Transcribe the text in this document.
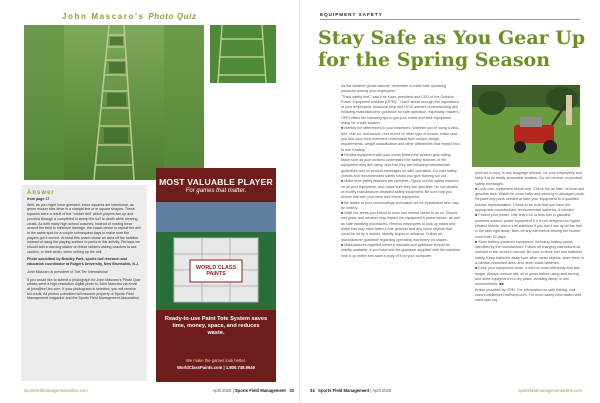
John Mascaro's Photo Quiz
Answer
from page 17
Well, as you might have guessed, these squares are intentional, as green mower tiles drive in a straight line or in square shapes. These squares were a result of the "rubber drill" which players line up and proceed through a completed to stomp the turf to death while wearing cleats. As with many high school coaches, instead of moving wear around the field to minimize damage, the coach chose to repeat the drill in the same spot for a couple subsequent days to make sure the players got it correct. At least this coach chose an area off the sideline instead of using the playing surface to perform this activity. Perhaps we should add a warning sticker on these ladders asking coaches to use caution, or their wrath, when setting up the drill.
Photo submitted by Bradley Park, sports turf research and education coordinator at Rutgers University, New Brunswick, N.J.
John Mascaro is president of Turf-Tec International
If you would like to submit a photograph for John Mascaro's Photo Quiz please send a high-resolution digital photo to John Mascaro via email at john@turf-tec.com. If your photograph is selected, you will receive full credit. All photos submitted will become property of Sports Field Management magazine and the Sports Field Management Association.
MOST VALUABLE PLAYER
For games that matter.
WORLD CLASS PAINTS
Ready-to-use Paint Tote System saves time, money, space, and reduces waste.
We make the games look better.
WorldClassPaints.com | 1.800.748.9649
sportsfieldmanagementonline.com	April 2025 | Sports Field Management 33
EQUIPMENT SAFETY
Stay Safe as You Gear Up for the Spring Season

As the weather grows warmer, remember to instill safe operating practices among your employees.

"Think safety first," said Kris Kiser, president and CEO of the Outdoor Power Equipment Institute (OPEI). "I can't stress enough the importance of your employees, seasonal help and H2-B workers understanding and following manufacturers' guidance for safe operation, especially mowers."

OPEI offers the following tips to get your crews and their equipment ready for a safe season:

■ Identify the differences in your machines. Whether you're using a zero-turn, ride-on, mid-mount, rear-mount or other type of mower, make sure you and your crew members understand their unique design, requirements, weight classification and other differences that impact how to use it safely.

■ Review equipment with your crews before the season gets rolling. Make sure all your workers understand the safety features of the equipment they are using, and that they are following manufacturer guidelines and on product messages for safe operation. Go over safety checks and recommended safety tracks you give training roll out.

■ Make sure safety features are operable. Figure out the safety features on all your equipment, and make sure they are operable. Do not disable or modify manufacturer-installed safety equipment. Be sure that you review this with your crew and check equipment.

■ Be aware of your surroundings and watch out for bystanders who may be nearby.

■ Walk the areas you intend to mow and remind crews to do so. Slopes, wet grass and weather may impact the equipment's performance, as well as safe handling procedures. Remind employees to pick up sticks and limbs that may have fallen in the grounds and any loose objects that could be hit by a mower. Identify slopes in advance. Follow all manufacturer guidance regarding operating machinery on slopes.

■ Manufacturer-supplied owner's manuals and guidance should be readily available. If you have lost the guidance supplied with the machine, look it up online and save a copy of it on your computer,

print out a copy, in any language needed, for your employees and keep it in an easily accessible location. Do not remove on-product safety messages.

■ Look over equipment before use. Check the air filter, oil level and gasoline tank. Watch for loose belts and missing or damaged parts. Replace any parts needed or take your equipment to a qualified service representative. Check to be sure that you have the appropriate manufacturer-recommended batteries, if needed.

■ Protect your power. Use only E10 or less fuel in gasoline-powered outdoor power equipment if it is not designed for higher ethanol blends. Add a fuel stabilizer if you don't use up all the fuel in the tank right away. Burn off any fuel before storing the mower more than 30 days.

■ Store battery-powered equipment, including battery packs specified by the manufacturer. Follow all charging instructions as outlined in the owner's manual. Be sure to store fuel and batteries safely. Keep batteries away from other metal objects; store them in a climate-controlled area, and never stack batteries.

■ Keep your equipment clean. It will run more efficiently and last longer. Always remove dirt, oil or grass before using and storing, and store equipment in a dry place, avoiding damp or wet environments. ■■

Article provided by OPEI. For information on safe fueling, visit www.LookBeforeYouPump.com. For more safety information visit www.opei.org.

34 Sports Field Management | April 2025	sportsfieldmanagementonline.com
